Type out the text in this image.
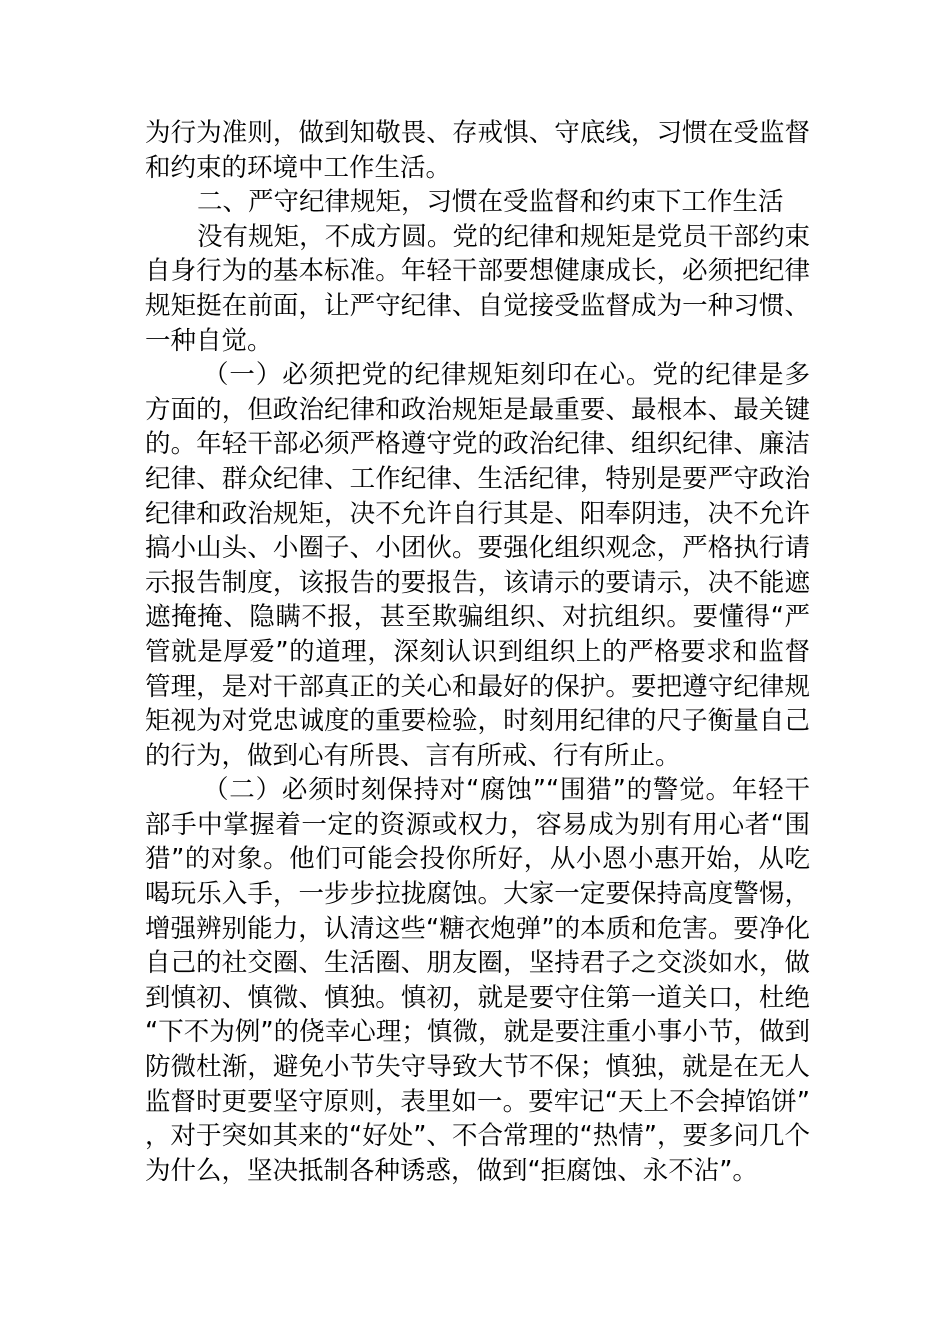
为行为准则，做到知敬畏、存戒惧、守底线，习惯在受监督和约束的环境中工作生活。

二、严守纪律规矩，习惯在受监督和约束下工作生活

没有规矩，不成方圆。党的纪律和规矩是党员干部约束自身行为的基本标准。年轻干部要想健康成长，必须把纪律规矩挺在前面，让严守纪律、自觉接受监督成为一种习惯、一种自觉。

（一）必须把党的纪律规矩刻印在心。党的纪律是多方面的，但政治纪律和政治规矩是最重要、最根本、最关键的。年轻干部必须严格遵守党的政治纪律、组织纪律、廉洁纪律、群众纪律、工作纪律、生活纪律，特别是要严守政治纪律和政治规矩，决不允许自行其是、阳奉阴违，决不允许搞小山头、小圈子、小团伙。要强化组织观念，严格执行请示报告制度，该报告的要报告，该请示的要请示，决不能遮遮掩掩、隐瞒不报，甚至欺骗组织、对抗组织。要懂得“严管就是厚爱”的道理，深刻认识到组织上的严格要求和监督管理，是对干部真正的关心和最好的保护。要把遵守纪律规矩视为对党忠诚度的重要检验，时刻用纪律的尺子衡量自己的行为，做到心有所畏、言有所戒、行有所止。

（二）必须时刻保持对“腐蚀”“围猎”的警觉。年轻干部手中掌握着一定的资源或权力，容易成为别有用心者“围猎”的对象。他们可能会投你所好，从小恩小惠开始，从吃喝玩乐入手，一步步拉拢腐蚀。大家一定要保持高度警惕，增强辨别能力，认清这些“糖衣炮弹”的本质和危害。要净化自己的社交圈、生活圈、朋友圈，坚持君子之交淡如水，做到慎初、慎微、慎独。慎初，就是要守住第一道关口，杜绝“下不为例”的侥幸心理；慎微，就是要注重小事小节，做到防微杜渐，避免小节失守导致大节不保；慎独，就是在无人监督时更要坚守原则，表里如一。要牢记“天上不会掉馅饼”，对于突如其来的“好处”、不合常理的“热情”，要多问几个为什么，坚决抵制各种诱惑，做到“拒腐蚀、永不沾”。
